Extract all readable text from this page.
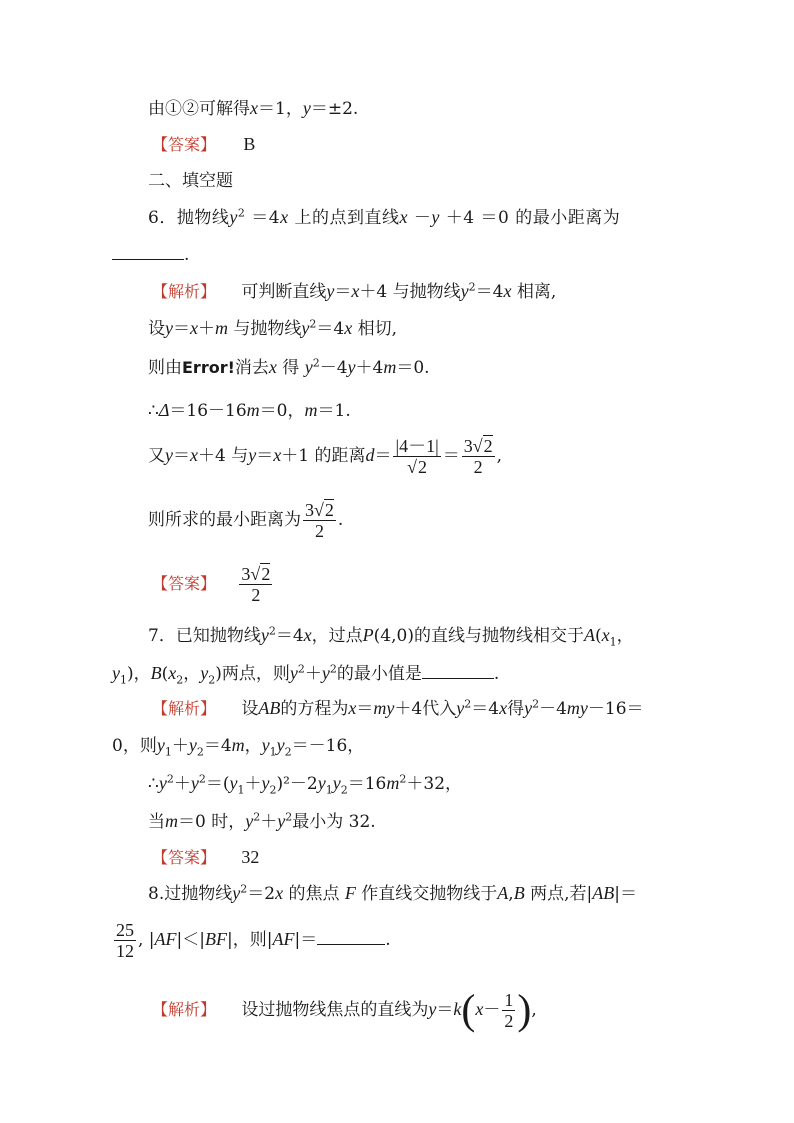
由①②可解得x＝1，y＝±2.
【答案】 B
二、填空题
6．抛物线$y^2 =4x$ 上的点到直线x －y ＋4 ＝0 的最小距离为
.
【解析】 可判断直线y＝x＋4 与抛物线$y^2=4x$ 相离,
设y＝x＋m 与抛物线$y^2=4x$ 相切,
则由Error!消去x 得 $y^2-4y+4m=0$.
∴Δ＝16－16m＝0，m＝1.
又y＝x＋4 与y＝x＋1 的距离$d= \frac{|4-1|}{√2} = \frac{3√2}{2}$ ,
则所求的最小距离为 $\frac{3√2}{2}$ .
【答案】 $\frac{3√2}{2}$
7．已知抛物线$y^2=4x$，过点P(4,0)的直线与抛物线相交于$A(x_1$，
$y_1$)，$B(x_2$，$y_2$)两点，则$y^2+y^2$的最小值是	.
【解析】 设AB的方程为x＝my＋4代入$y^2=4x$得$y^2-4my-16=$
0，则$y_1+y_2=4m$，$y_1y_2=-16$，
$\therefore y^2+y^2=(y_1+y_2)^2-2y_1y_2=16m^2+32$，
当m＝0 时，$y^2+y^2$最小为 32.
【答案】 32
8.过抛物线$y^2=2x$ 的焦点 F 作直线交抛物线于A,B 两点,若|AB|＝
$\frac{25}{12}$ , |AF|＜|BF|，则|AF|＝	.
【解析】 设过抛物线焦点的直线为$y=k(x- \frac{1}{2}$ ),
